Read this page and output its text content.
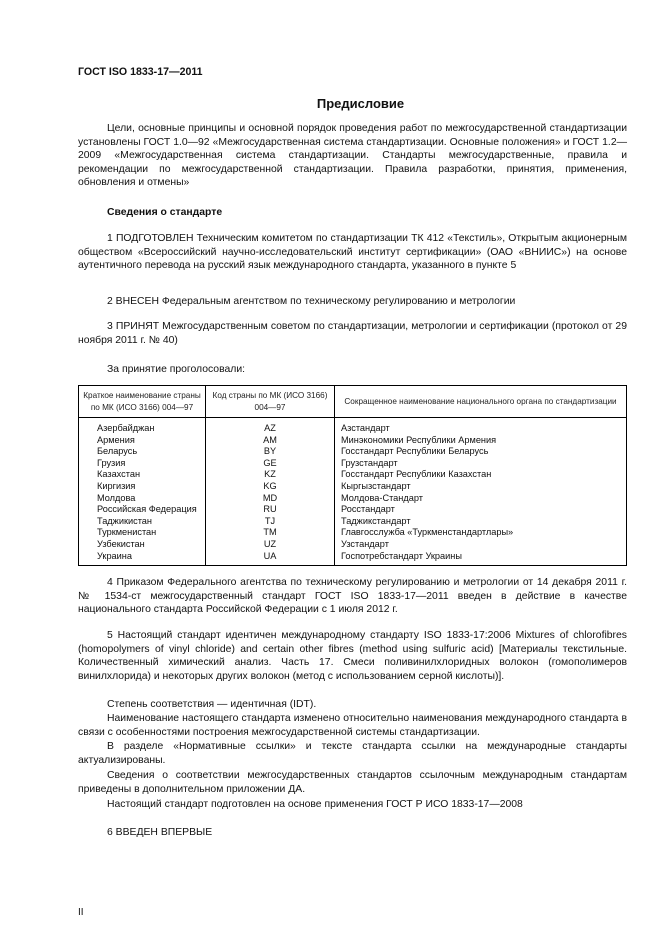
ГОСТ ISO 1833-17—2011
Предисловие
Цели, основные принципы и основной порядок проведения работ по межгосударственной стандартизации установлены ГОСТ 1.0—92 «Межгосударственная система стандартизации. Основные положения» и ГОСТ 1.2—2009 «Межгосударственная система стандартизации. Стандарты межгосударственные, правила и рекомендации по межгосударственной стандартизации. Правила разработки, принятия, применения, обновления и отмены»
Сведения о стандарте
1 ПОДГОТОВЛЕН Техническим комитетом по стандартизации ТК 412 «Текстиль», Открытым акционерным обществом «Всероссийский научно-исследовательский институт сертификации» (ОАО «ВНИИС») на основе аутентичного перевода на русский язык международного стандарта, указанного в пункте 5
2 ВНЕСЕН Федеральным агентством по техническому регулированию и метрологии
3 ПРИНЯТ Межгосударственным советом по стандартизации, метрологии и сертификации (протокол от 29 ноября 2011 г. № 40)
За принятие проголосовали:
Краткое наименование страны по МК (ИСО 3166) 004—97	Код страны по МК (ИСО 3166) 004—97	Сокращенное наименование национального органа по стандартизации
Азербайджан	AZ	Азстандарт
Армения	AM	Минэкономики Республики Армения
Беларусь	BY	Госстандарт Республики Беларусь
Грузия	GE	Грузстандарт
Казахстан	KZ	Госстандарт Республики Казахстан
Киргизия	KG	Кыргызстандарт
Молдова	MD	Молдова-Стандарт
Российская Федерация	RU	Росстандарт
Таджикистан	TJ	Таджикстандарт
Туркменистан	TM	Главгосслужба «Туркменстандартлары»
Узбекистан	UZ	Узстандарт
Украина	UA	Госпотребстандарт Украины
4 Приказом Федерального агентства по техническому регулированию и метрологии от 14 декабря 2011 г. № 1534-ст межгосударственный стандарт ГОСТ ISO 1833-17—2011 введен в действие в качестве национального стандарта Российской Федерации с 1 июля 2012 г.
5 Настоящий стандарт идентичен международному стандарту ISO 1833-17:2006 Mixtures of chlorofibres (homopolymers of vinyl chloride) and certain other fibres (method using sulfuric acid) [Материалы текстильные. Количественный химический анализ. Часть 17. Смеси поливинилхлоридных волокон (гомополимеров винилхлорида) и некоторых других волокон (метод с использованием серной кислоты)].
Степень соответствия — идентичная (IDT).
Наименование настоящего стандарта изменено относительно наименования международного стандарта в связи с особенностями построения межгосударственной системы стандартизации.
В разделе «Нормативные ссылки» и тексте стандарта ссылки на международные стандарты актуализированы.
Сведения о соответствии межгосударственных стандартов ссылочным международным стандартам приведены в дополнительном приложении ДА.
Настоящий стандарт подготовлен на основе применения ГОСТ Р ИСО 1833-17—2008
6 ВВЕДЕН ВПЕРВЫЕ
II
